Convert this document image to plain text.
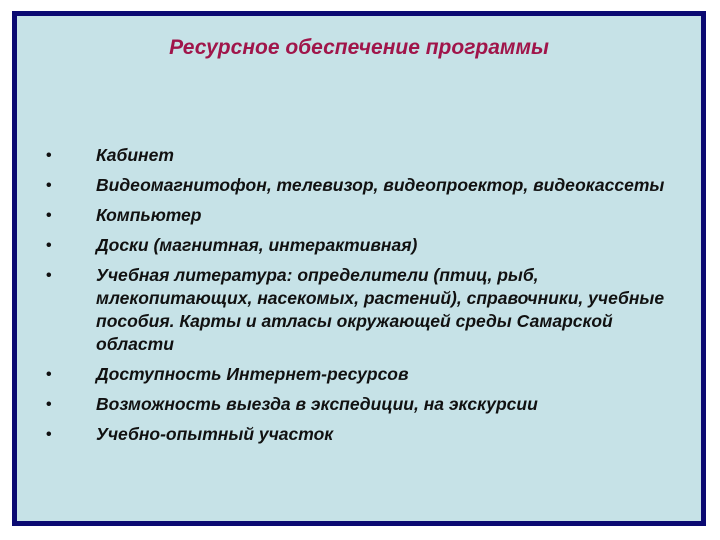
Ресурсное обеспечение программы
•	Кабинет
•	Видеомагнитофон, телевизор, видеопроектор, видеокассеты
•	Компьютер
•	Доски (магнитная, интерактивная)
•	Учебная литература: определители (птиц, рыб, млекопитающих, насекомых, растений), справочники, учебные пособия. Карты и атласы окружающей среды Самарской области
•	Доступность Интернет-ресурсов
•	Возможность выезда в экспедиции, на экскурсии
•	Учебно-опытный участок
